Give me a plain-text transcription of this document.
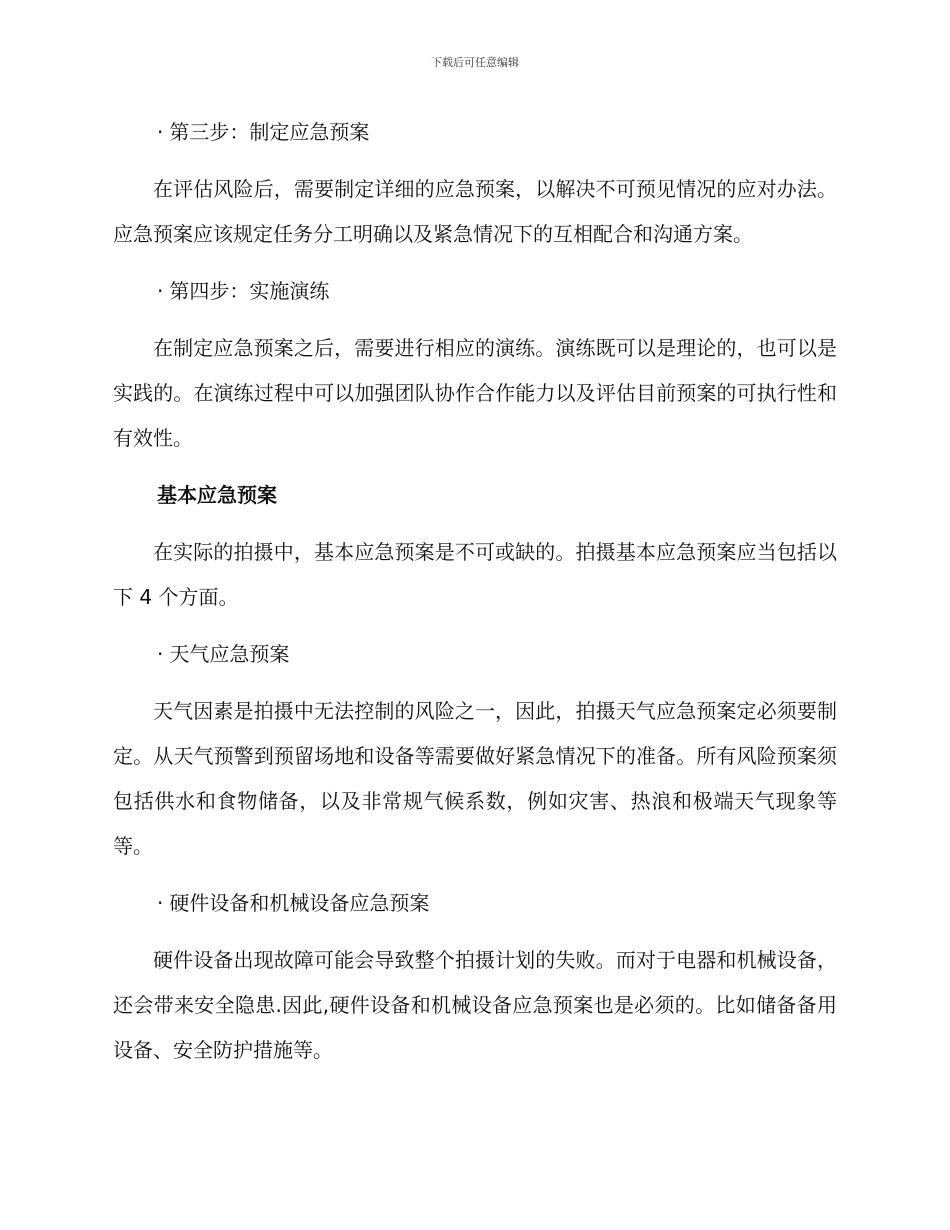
下载后可任意编辑

· 第三步：制定应急预案

在评估风险后，需要制定详细的应急预案，以解决不可预见情况的应对办法。应急预案应该规定任务分工明确以及紧急情况下的互相配合和沟通方案。

· 第四步：实施演练

在制定应急预案之后，需要进行相应的演练。演练既可以是理论的，也可以是实践的。在演练过程中可以加强团队协作合作能力以及评估目前预案的可执行性和有效性。

基本应急预案

在实际的拍摄中，基本应急预案是不可或缺的。拍摄基本应急预案应当包括以下 4 个方面。

· 天气应急预案

天气因素是拍摄中无法控制的风险之一，因此，拍摄天气应急预案定必须要制定。从天气预警到预留场地和设备等需要做好紧急情况下的准备。所有风险预案须包括供水和食物储备，以及非常规气候系数，例如灾害、热浪和极端天气现象等等。

· 硬件设备和机械设备应急预案

硬件设备出现故障可能会导致整个拍摄计划的失败。而对于电器和机械设备，还会带来安全隐患.因此,硬件设备和机械设备应急预案也是必须的。比如储备备用设备、安全防护措施等。
